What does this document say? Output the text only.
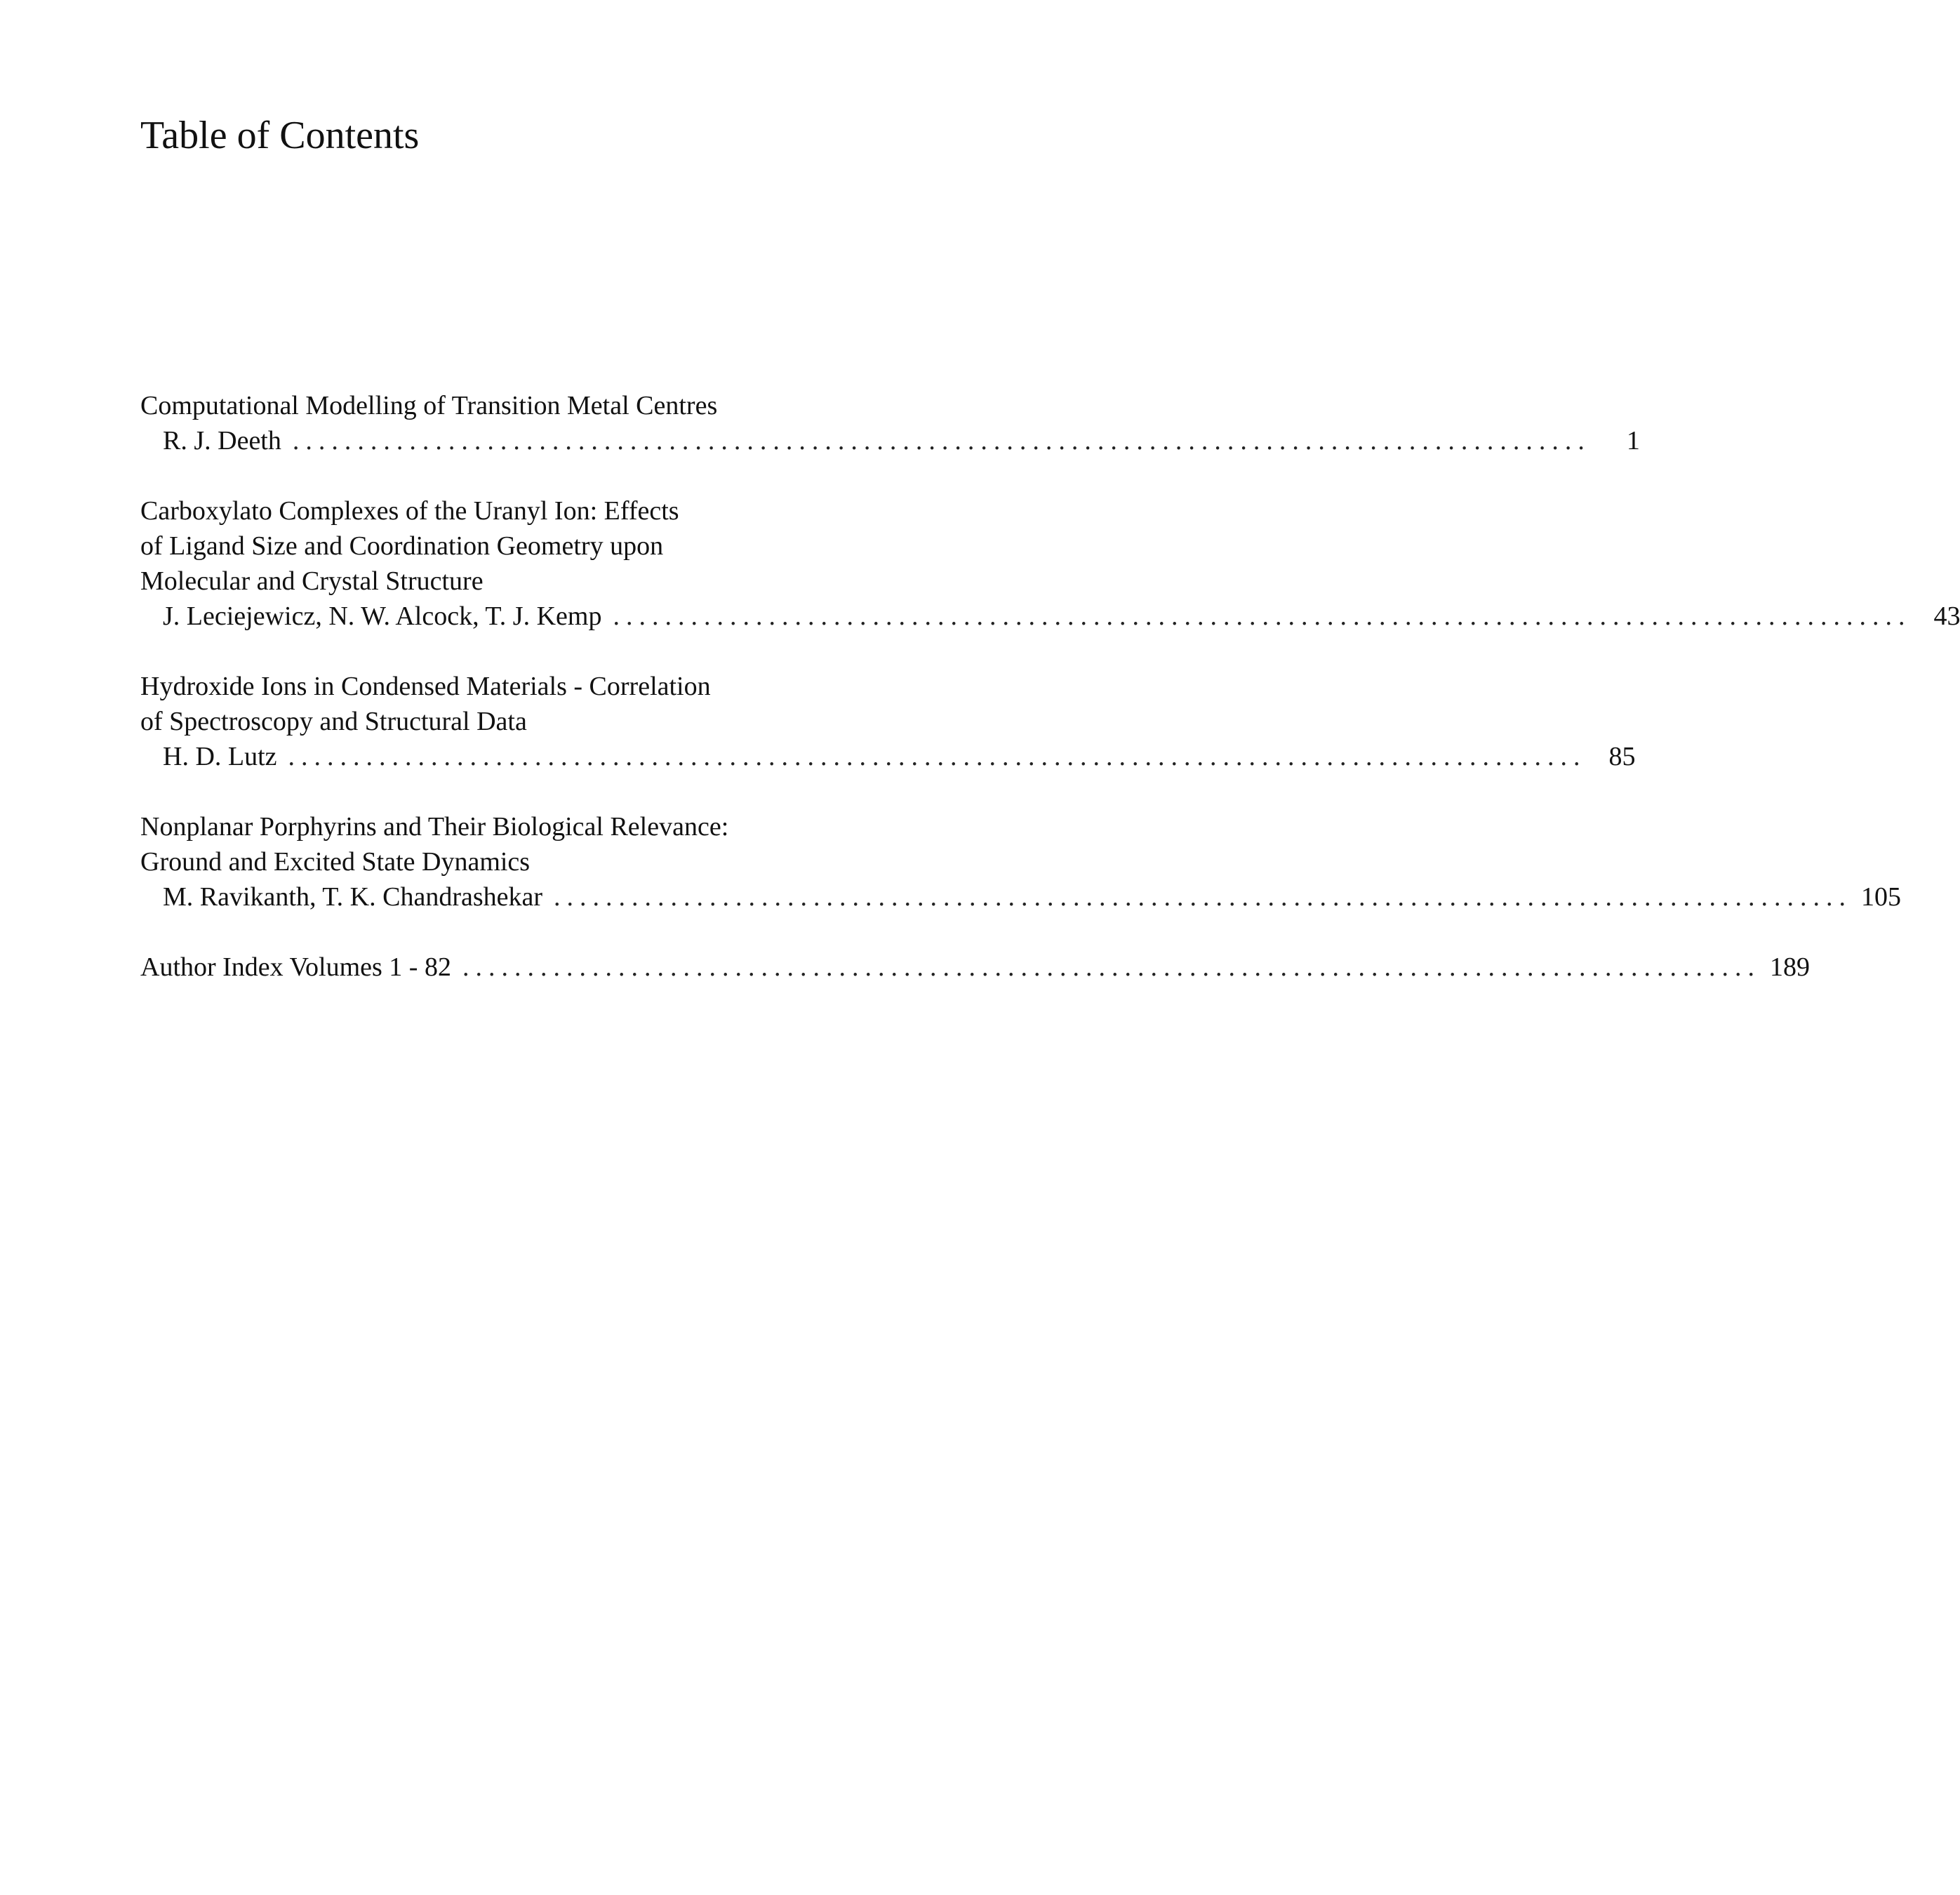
Table of Contents
Computational Modelling of Transition Metal Centres
R. J. Deeth ....................................................................................................	1
Carboxylato Complexes of the Uranyl Ion: Effects
of Ligand Size and Coordination Geometry upon
Molecular and Crystal Structure
J. Leciejewicz, N. W. Alcock, T. J. Kemp .................................................................................................... 43
Hydroxide Ions in Condensed Materials - Correlation
of Spectroscopy and Structural Data
H. D. Lutz .................................................................................................... 85
Nonplanar Porphyrins and Their Biological Relevance:
Ground and Excited State Dynamics
M. Ravikanth, T. K. Chandrashekar .................................................................................................... 105
Author Index Volumes 1 - 82 .................................................................................................... 189
